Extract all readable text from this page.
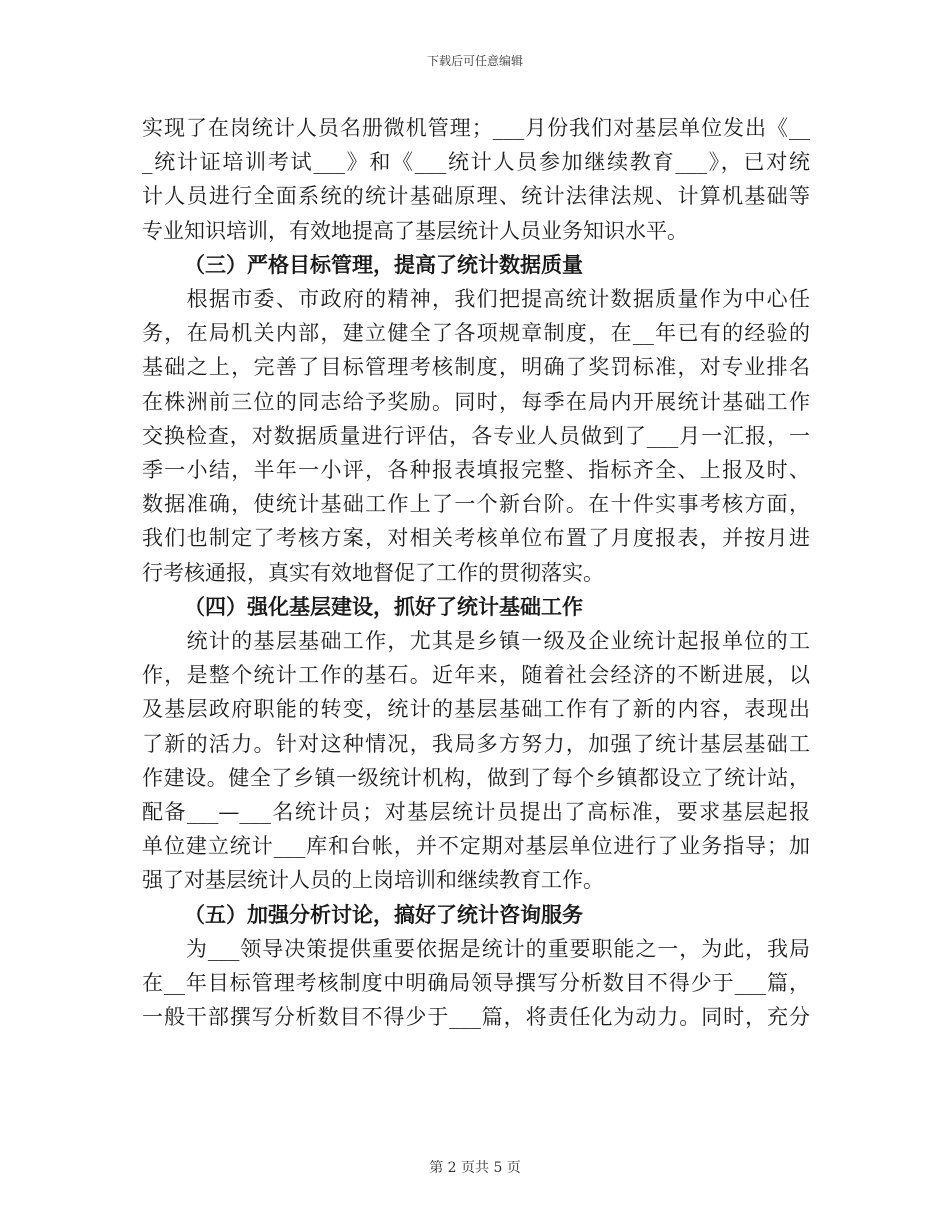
下载后可任意编辑
实现了在岗统计人员名册微机管理；___月份我们对基层单位发出《__
_统计证培训考试___》和《___统计人员参加继续教育___》，已对统
计人员进行全面系统的统计基础原理、统计法律法规、计算机基础等
专业知识培训，有效地提高了基层统计人员业务知识水平。
（三）严格目标管理，提高了统计数据质量
　　根据市委、市政府的精神，我们把提高统计数据质量作为中心任
务，在局机关内部，建立健全了各项规章制度，在__年已有的经验的
基础之上，完善了目标管理考核制度，明确了奖罚标准，对专业排名
在株洲前三位的同志给予奖励。同时，每季在局内开展统计基础工作
交换检查，对数据质量进行评估，各专业人员做到了___月一汇报，一
季一小结，半年一小评，各种报表填报完整、指标齐全、上报及时、
数据准确，使统计基础工作上了一个新台阶。在十件实事考核方面，
我们也制定了考核方案，对相关考核单位布置了月度报表，并按月进
行考核通报，真实有效地督促了工作的贯彻落实。
（四）强化基层建设，抓好了统计基础工作
　　统计的基层基础工作，尤其是乡镇一级及企业统计起报单位的工
作，是整个统计工作的基石。近年来，随着社会经济的不断进展，以
及基层政府职能的转变，统计的基层基础工作有了新的内容，表现出
了新的活力。针对这种情况，我局多方努力，加强了统计基层基础工
作建设。健全了乡镇一级统计机构，做到了每个乡镇都设立了统计站，
配备___—___名统计员；对基层统计员提出了高标准，要求基层起报
单位建立统计___库和台帐，并不定期对基层单位进行了业务指导；加
强了对基层统计人员的上岗培训和继续教育工作。
（五）加强分析讨论，搞好了统计咨询服务
　　为___领导决策提供重要依据是统计的重要职能之一，为此，我局
在__年目标管理考核制度中明确局领导撰写分析数目不得少于___篇，
一般干部撰写分析数目不得少于___篇，将责任化为动力。同时，充分
第 2 页共 5 页
